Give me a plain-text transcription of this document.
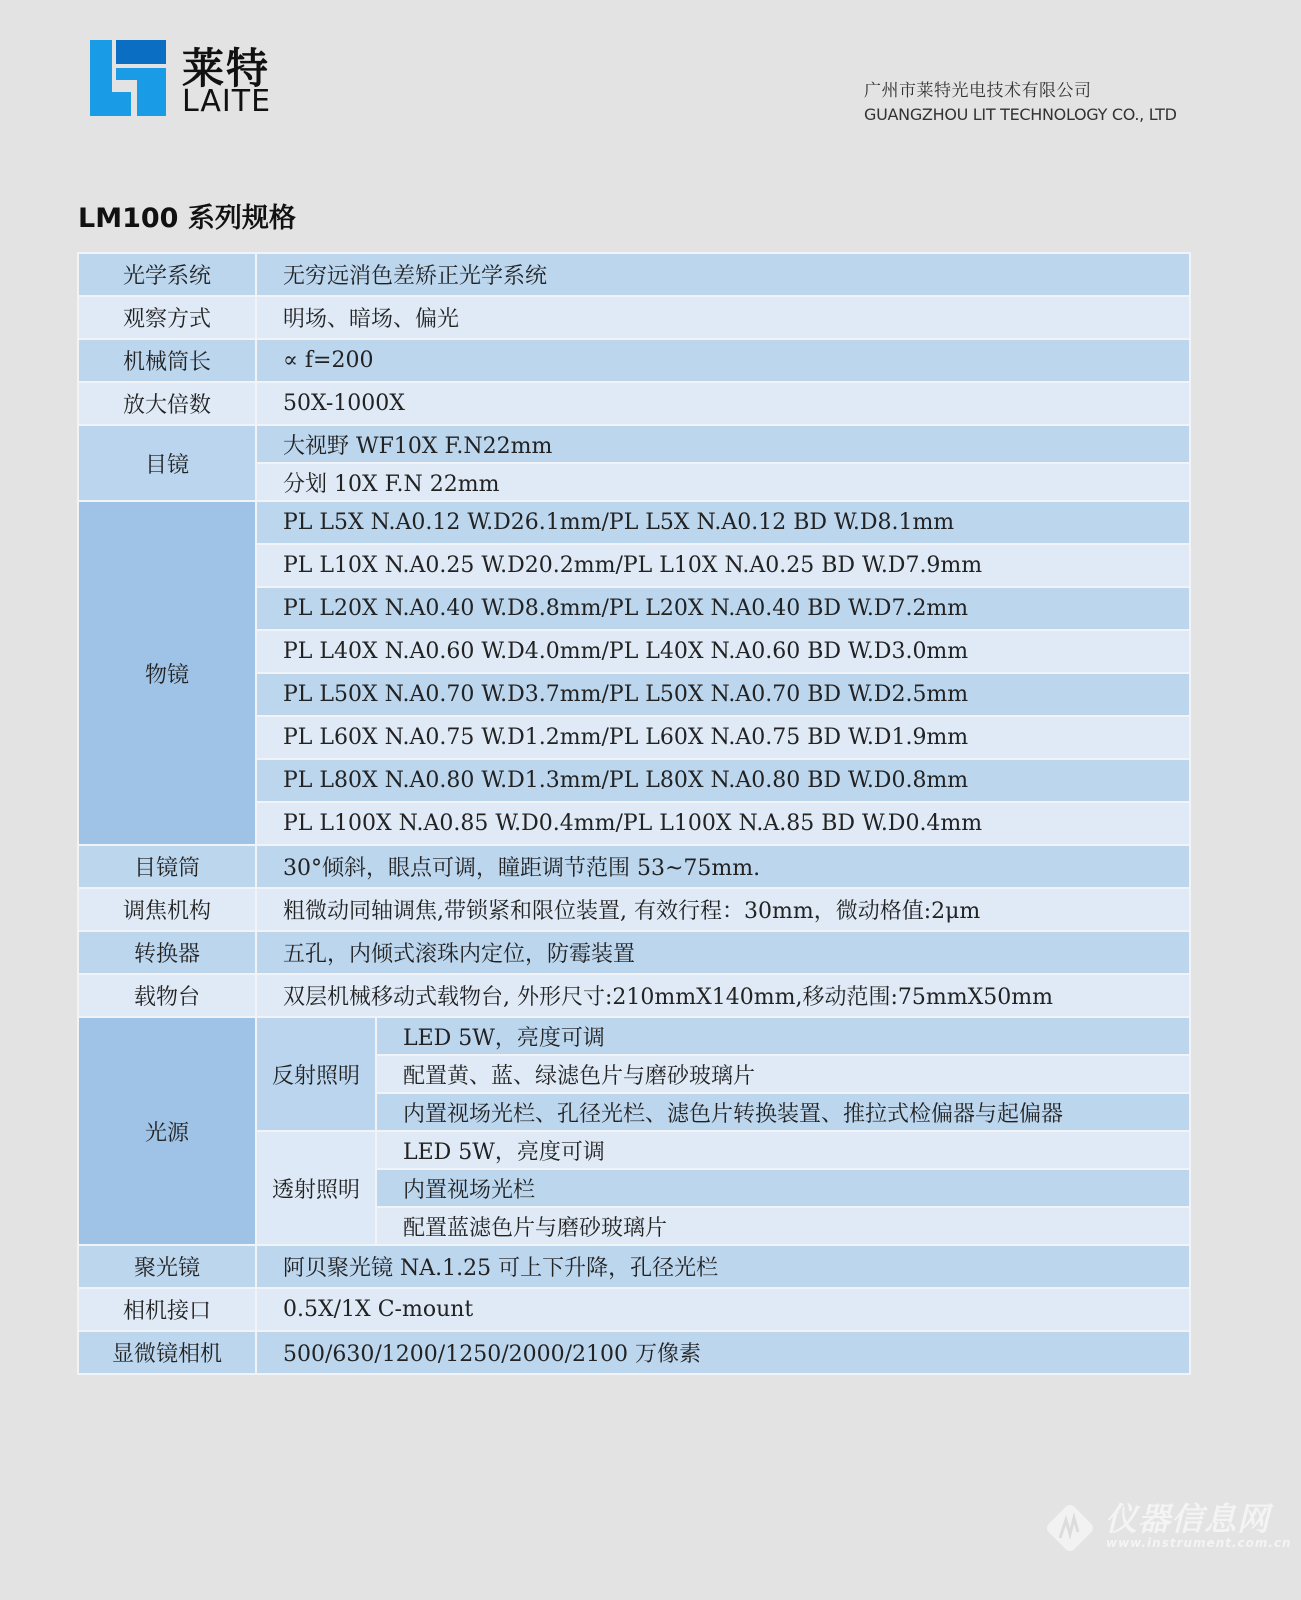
莱特
LAITE	广州市莱特光电技术有限公司
GUANGZHOU LIT TECHNOLOGY CO., LTD
LM100 系列规格
光学系统	无穷远消色差矫正光学系统	
观察方式	明场、暗场、偏光	
机械筒长	∝ f=200	
放大倍数	50X-1000X	
目镜	大视野 WF10X F.N22mm	
	分划 10X F.N 22mm	
物镜	PL L5X N.A0.12 W.D26.1mm/PL L5X N.A0.12 BD W.D8.1mm	
	PL L10X N.A0.25 W.D20.2mm/PL L10X N.A0.25 BD W.D7.9mm	
	PL L20X N.A0.40 W.D8.8mm/PL L20X N.A0.40 BD W.D7.2mm	
	PL L40X N.A0.60 W.D4.0mm/PL L40X N.A0.60 BD W.D3.0mm	
	PL L50X N.A0.70 W.D3.7mm/PL L50X N.A0.70 BD W.D2.5mm	
	PL L60X N.A0.75 W.D1.2mm/PL L60X N.A0.75 BD W.D1.9mm	
	PL L80X N.A0.80 W.D1.3mm/PL L80X N.A0.80 BD W.D0.8mm	
	PL L100X N.A0.85 W.D0.4mm/PL L100X N.A.85 BD W.D0.4mm	
目镜筒	30°倾斜，眼点可调，瞳距调节范围 53~75mm.	
调焦机构	粗微动同轴调焦,带锁紧和限位装置, 有效行程：30mm，微动格值:2μm	
转换器	五孔，内倾式滚珠内定位，防霉装置	
载物台	双层机械移动式载物台, 外形尺寸:210mmX140mm,移动范围:75mmX50mm	
光源	反射照明	LED 5W，亮度可调
		配置黄、蓝、绿滤色片与磨砂玻璃片
		内置视场光栏、孔径光栏、滤色片转换装置、推拉式检偏器与起偏器
	透射照明	LED 5W，亮度可调
		内置视场光栏
		配置蓝滤色片与磨砂玻璃片
聚光镜	阿贝聚光镜 NA.1.25 可上下升降，孔径光栏	
相机接口	0.5X/1X C-mount	
显微镜相机	500/630/1200/1250/2000/2100 万像素	
仪器信息网
www.instrument.com.cn
